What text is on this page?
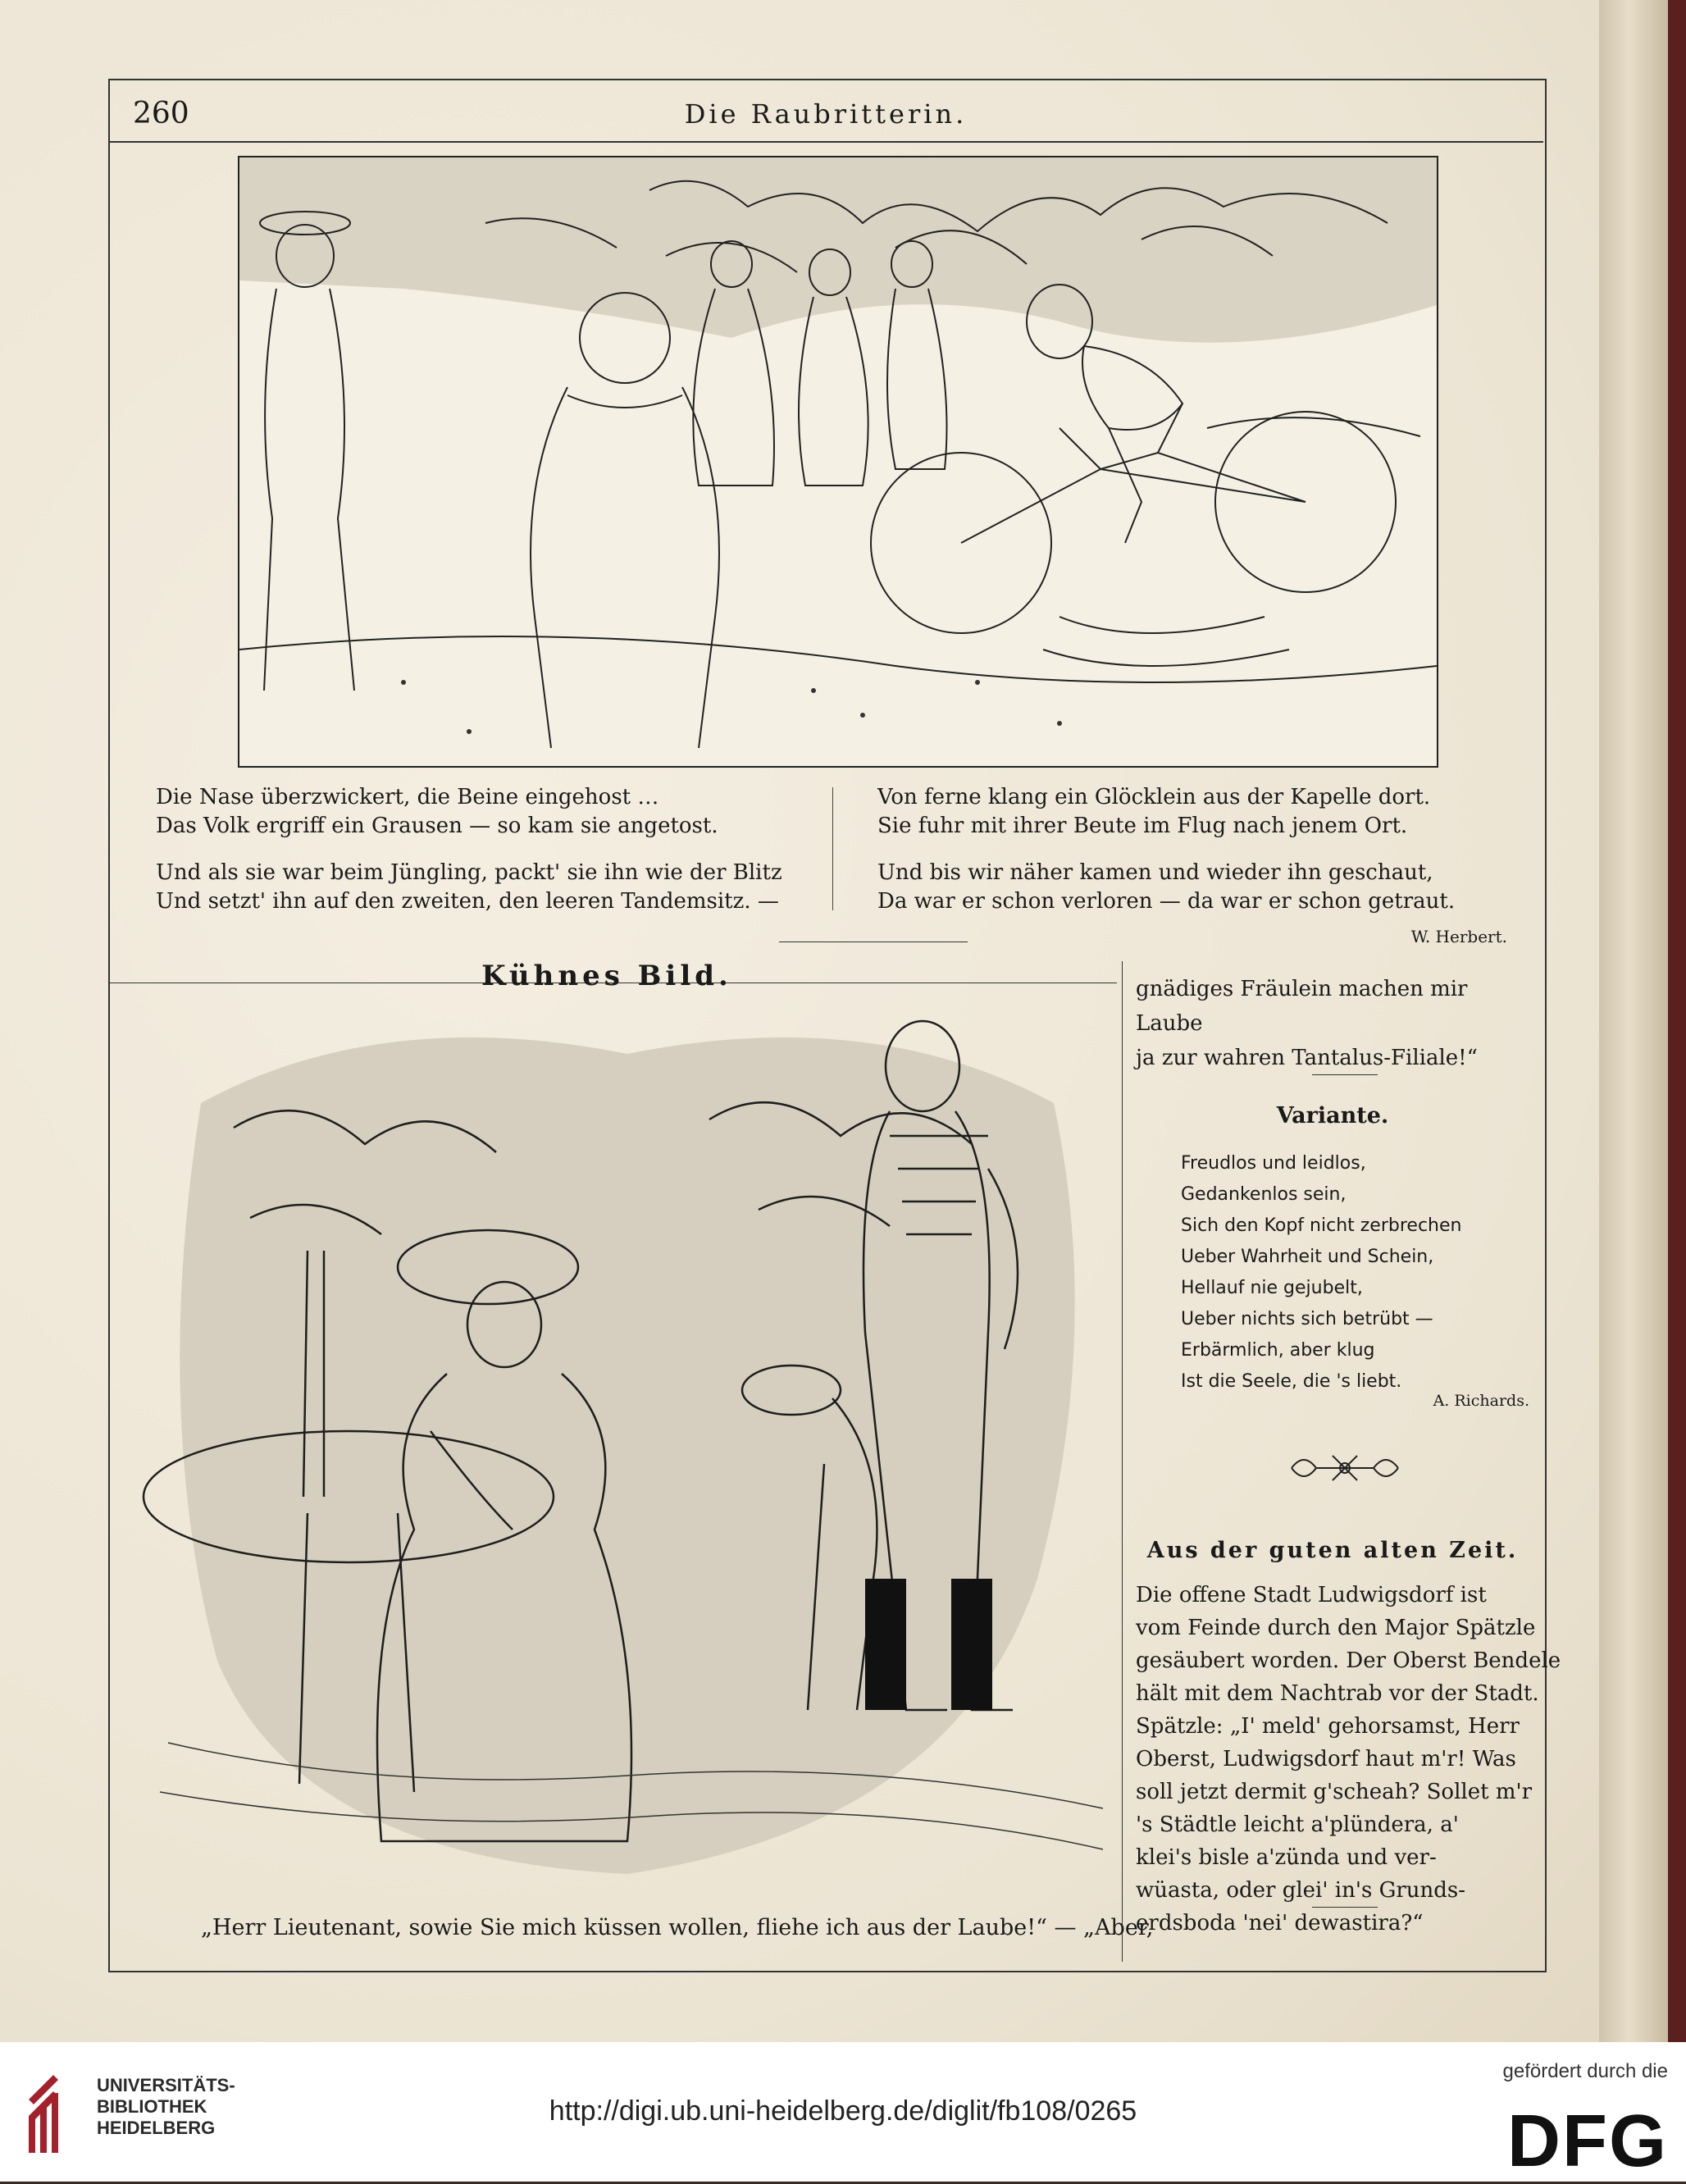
260	Die Raubritterin.

Die Nase überzwickert, die Beine eingehost …

Das Volk ergriff ein Grausen — so kam sie angetost.

Und als sie war beim Jüngling, packt' sie ihn wie der Blitz

Und setzt' ihn auf den zweiten, den leeren Tandemsitz. —

Von ferne klang ein Glöcklein aus der Kapelle dort.

Sie fuhr mit ihrer Beute im Flug nach jenem Ort.

Und bis wir näher kamen und wieder ihn geschaut,

Da war er schon verloren — da war er schon getraut.

W. Herbert.
Kühnes Bild.
„Herr Lieutenant, sowie Sie mich küssen wollen, fliehe ich aus der Laube!“ — „Aber,

gnädiges Fräulein machen mir Laube

ja zur wahren Tantalus-Filiale!“

Variante.

Freudlos und leidlos,

Gedankenlos sein,

Sich den Kopf nicht zerbrechen

Ueber Wahrheit und Schein,

Hellauf nie gejubelt,

Ueber nichts sich betrübt —

Erbärmlich, aber klug

Ist die Seele, die 's liebt.

A. Richards.
Aus der guten alten Zeit.

Die offene Stadt Ludwigsdorf ist

vom Feinde durch den Major Spätzle

gesäubert worden. Der Oberst Bendele

hält mit dem Nachtrab vor der Stadt.

Spätzle: „I' meld' gehorsamst, Herr

Oberst, Ludwigsdorf haut m'r! Was

soll jetzt dermit g'scheah? Sollet m'r

's Städtle leicht a'plündera, a'

klei's bisle a'zünda und ver-

wüasta, oder glei' in's Grunds-

erdsboda 'nei' dewastira?“

UNIVERSITÄTS-
BIBLIOTHEK
HEIDELBERG
http://digi.ub.uni-heidelberg.de/diglit/fb108/0265
gefördert durch die
DFG
